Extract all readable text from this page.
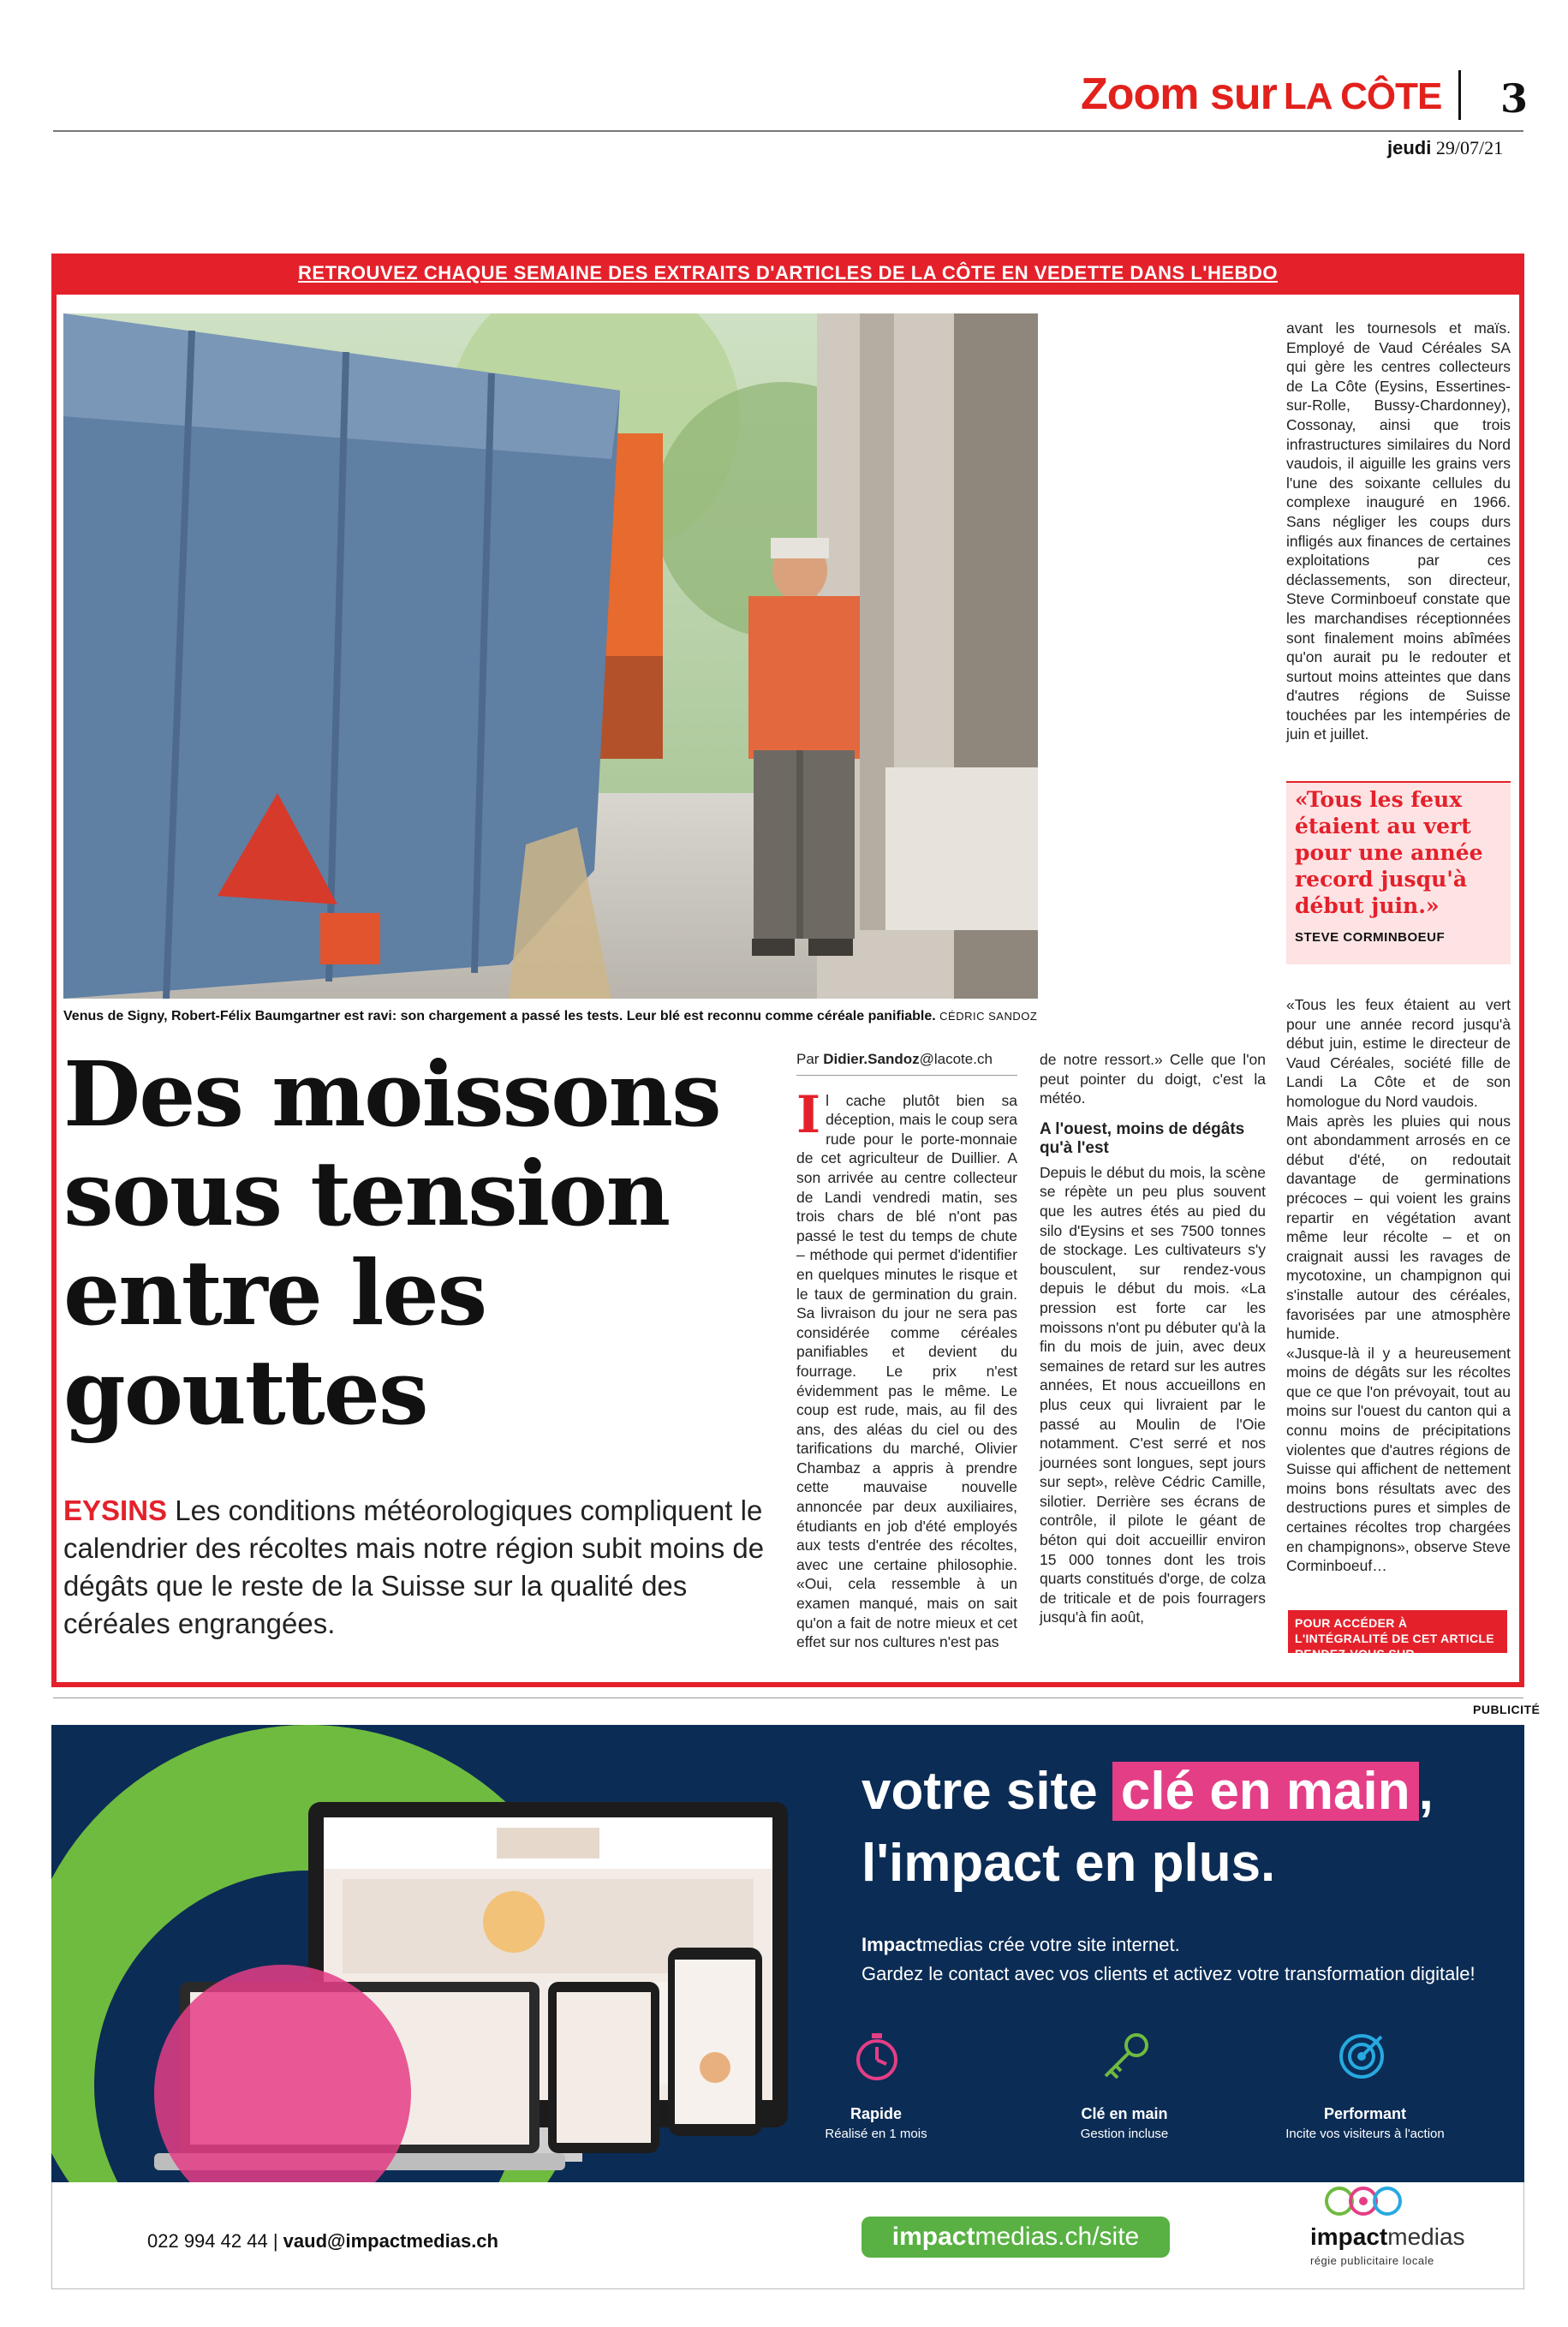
Zoom sur LA CÔTE 3
jeudi 29/07/21
RETROUVEZ CHAQUE SEMAINE DES EXTRAITS D'ARTICLES DE LA CÔTE EN VEDETTE DANS L'HEBDO
Venus de Signy, Robert-Félix Baumgartner est ravi: son chargement a passé les tests. Leur blé est reconnu comme céréale panifiable. CÉDRIC SANDOZ
Des moissons sous tension entre les gouttes
EYSINS Les conditions météorologiques compliquent le calendrier des récoltes mais notre région subit moins de dégâts que le reste de la Suisse sur la qualité des céréales engrangées.
Par Didier.Sandoz@lacote.ch
I l cache plutôt bien sa déception, mais le coup sera rude pour le porte-monnaie de cet agriculteur de Duillier. A son arrivée au centre collecteur de Landi vendredi matin, ses trois chars de blé n'ont pas passé le test du temps de chute – méthode qui permet d'identifier en quelques minutes le risque et le taux de germination du grain. Sa livraison du jour ne sera pas considérée comme céréales panifiables et devient du fourrage. Le prix n'est évidemment pas le même. Le coup est rude, mais, au fil des ans, des aléas du ciel ou des tarifications du marché, Olivier Chambaz a appris à prendre cette mauvaise nouvelle annoncée par deux auxiliaires, étudiants en job d'été employés aux tests d'entrée des récoltes, avec une certaine philosophie. «Oui, cela ressemble à un examen manqué, mais on sait qu'on a fait de notre mieux et cet effet sur nos cultures n'est pas
de notre ressort.» Celle que l'on peut pointer du doigt, c'est la météo.
A l'ouest, moins de dégâts qu'à l'est
Depuis le début du mois, la scène se répète un peu plus souvent que les autres étés au pied du silo d'Eysins et ses 7500 tonnes de stockage. Les cultivateurs s'y bousculent, sur rendez-vous depuis le début du mois. «La pression est forte car les moissons n'ont pu débuter qu'à la fin du mois de juin, avec deux semaines de retard sur les autres années, Et nous accueillons en plus ceux qui livraient par le passé au Moulin de l'Oie notamment. C'est serré et nos journées sont longues, sept jours sur sept», relève Cédric Camille, silotier. Derrière ses écrans de contrôle, il pilote le géant de béton qui doit accueillir environ 15 000 tonnes dont les trois quarts constitués d'orge, de colza de triticale et de pois fourragers jusqu'à fin août,
avant les tournesols et maïs. Employé de Vaud Céréales SA qui gère les centres collecteurs de La Côte (Eysins, Essertines-sur-Rolle, Bussy-Chardonney), Cossonay, ainsi que trois infrastructures similaires du Nord vaudois, il aiguille les grains vers l'une des soixante cellules du complexe inauguré en 1966. Sans négliger les coups durs infligés aux finances de certaines exploitations par ces déclassements, son directeur, Steve Corminboeuf constate que les marchandises réceptionnées sont finalement moins abîmées qu'on aurait pu le redouter et surtout moins atteintes que dans d'autres régions de Suisse touchées par les intempéries de juin et juillet.
«Tous les feux étaient au vert pour une année record jusqu'à début juin.»
STEVE CORMINBOEUF
«Tous les feux étaient au vert pour une année record jusqu'à début juin, estime le directeur de Vaud Céréales, société fille de Landi La Côte et de son homologue du Nord vaudois.
Mais après les pluies qui nous ont abondamment arrosés en ce début d'été, on redoutait davantage de germinations précoces – qui voient les grains repartir en végétation avant même leur récolte – et on craignait aussi les ravages de mycotoxine, un champignon qui s'installe autour des céréales, favorisées par une atmosphère humide.
«Jusque-là il y a heureusement moins de dégâts sur les récoltes que ce que l'on prévoyait, tout au moins sur l'ouest du canton qui a connu moins de précipitations violentes que d'autres régions de Suisse qui affichent de nettement moins bons résultats avec des destructions pures et simples de certaines récoltes trop chargées en champignons», observe Steve Corminboeuf…
POUR ACCÉDER À L'INTÉGRALITÉ DE CET ARTICLE
RENDEZ-VOUS SUR ZOOM.LACOTE.CH
PUBLICITÉ
votre site clé en main ,
l'impact en plus.
Impactmedias crée votre site internet.
Gardez le contact avec vos clients et activez votre transformation digitale!
Rapide
Réalisé en 1 mois
Clé en main
Gestion incluse
Performant
Incite vos visiteurs à l'action
022 994 42 44 | vaud@impactmedias.ch	impactmedias.ch/site	impactmedias
régie publicitaire locale
